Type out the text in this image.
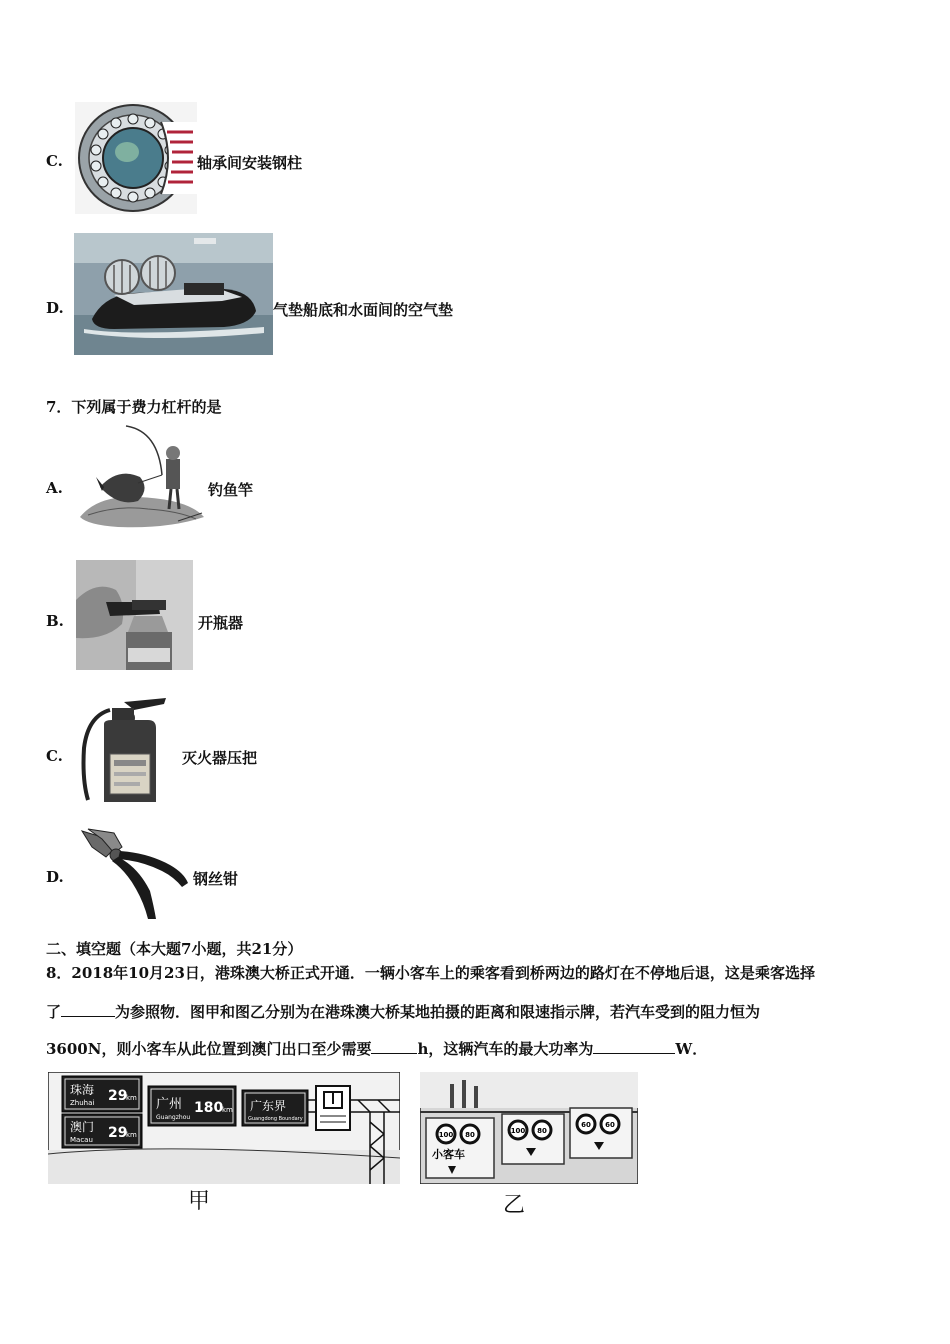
C.	轴承间安装钢柱
D.	气垫船底和水面间的空气垫
7．下列属于费力杠杆的是
A.	钓鱼竿
B.	开瓶器
C.	灭火器压把
D.	钢丝钳
二、填空题（本大题7小题，共21分）
8．2018年10月23日，港珠澳大桥正式开通．一辆小客车上的乘客看到桥两边的路灯在不停地后退，这是乘客选择
了	为参照物．图甲和图乙分别为在港珠澳大桥某地拍摄的距离和限速指示牌，若汽车受到的阻力恒为
3600N，则小客车从此位置到澳门出口至少需要	h，这辆汽车的最大功率为	W．
珠海
Zhuhai 29
km
澳门
Macau 29
km
广州
Guangzhou
180
km 广东界
Guangdong Boundary
甲
100 80
小客车
100 80
60 60
乙
